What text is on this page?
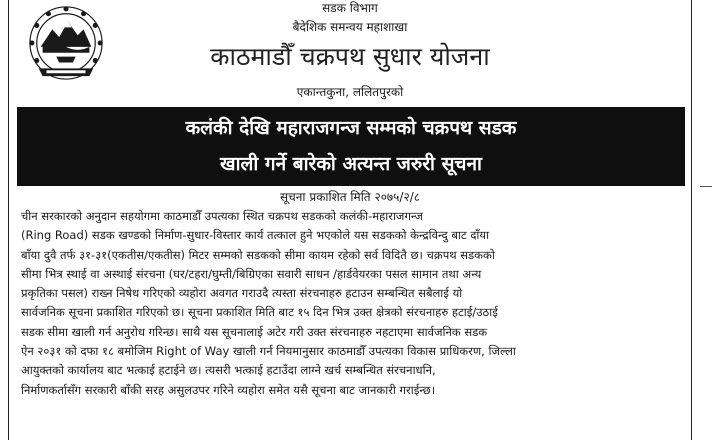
सडक विभाग
बैदेशिक समन्वय महाशाखा
काठमाडौँ चक्रपथ सुधार योजना
एकान्तकुना, ललितपुरको
कलंकी देखि महाराजगन्ज सम्मको चक्रपथ सडक
खाली गर्ने बारेको अत्यन्त जरुरी सूचना
सूचना प्रकाशित मिति २०७५/२/८
चीन सरकारको अनुदान सहयोगमा काठमाडौँ उपत्यका स्थित चक्रपथ सडकको कलंकी-महाराजगन्ज
(Ring Road) सडक खण्डको निर्माण-सुधार-विस्तार कार्य तत्काल हुने भएकोले यस सडकको केन्द्रविन्दु बाट दाँया
बाँया दुवै तर्फ ३१-३१(एकतीस/एकतीस) मिटर सम्मको सडकको सीमा कायम रहेको सर्व विदितै छ। चक्रपथ सडकको
सीमा भित्र स्थाई वा अस्थाई संरचना (घर/टहरा/घुम्ती/बिग्रिएका सवारी साधन /हार्डवेयरका पसल सामान तथा अन्य
प्रकृतिका पसल) राख्न निषेध गरिएको व्यहोरा अवगत गराउदै त्यस्ता संरचनाहरु हटाउन सम्बन्धित सबैलाई यो
सार्वजनिक सूचना प्रकाशित गरिएको छ। सूचना प्रकाशित मिति बाट १५ दिन भित्र उक्त क्षेत्रको संरचनाहरु हटाई/उठाई
सडक सीमा खाली गर्न अनुरोध गरिन्छ। साथै यस सूचनालाई अटेर गरी उक्त संरचनाहरु नहटाएमा सार्वजनिक सडक
ऐन २०३१ को दफा १८ बमोजिम Right of Way खाली गर्न नियमानुसार काठमाडौँ उपत्यका विकास प्राधिकरण, जिल्ला
आयुक्तको कार्यालय बाट भत्काई हटाईने छ। त्यसरी भत्काई हटाउँदा लाग्ने खर्च सम्बन्धित संरचनाधनि,
निर्माणकर्तासँग सरकारी बाँकी सरह असुलउपर गरिने व्यहोरा समेत यसै सूचना बाट जानकारी गराईन्छ।
